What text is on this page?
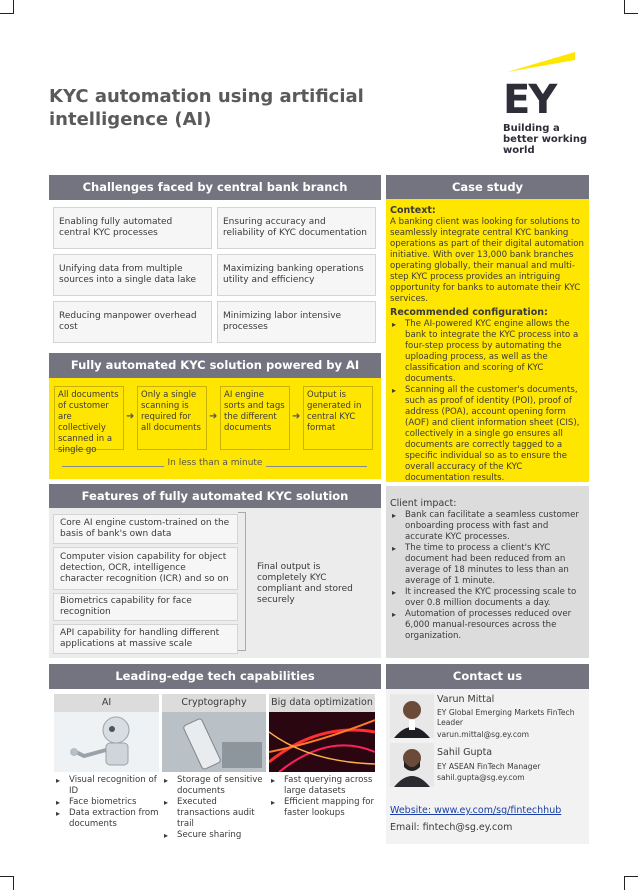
KYC automation using artificial intelligence (AI)	EY
Building a better working world
Challenges faced by central bank branch
Enabling fully automated central KYC processes
Ensuring accuracy and reliability of KYC documentation
Unifying data from multiple sources into a single data lake
Maximizing banking operations utility and efficiency
Reducing manpower overhead cost
Minimizing labor intensive processes
Case study
Context:

A banking client was looking for solutions to seamlessly integrate central KYC banking operations as part of their digital automation initiative. With over 13,000 bank branches operating globally, their manual and multi-step KYC process provides an intriguing opportunity for banks to automate their KYC services.

Recommended configuration:
▸ The AI-powered KYC engine allows the bank to integrate the KYC process into a four-step process by automating the uploading process, as well as the classification and scoring of KYC documents.
▸ Scanning all the customer's documents, such as proof of identity (POI), proof of address (POA), account opening form (AOF) and client information sheet (CIS), collectively in a single go ensures all documents are correctly tagged to a specific individual so as to ensure the overall accuracy of the KYC documentation results.
Fully automated KYC solution powered by AI
All documents of customer are collectively scanned in a single go
➜
Only a single scanning is required for all documents
➜
AI engine sorts and tags the different documents
➜
Output is generated in central KYC format
In less than a minute
Features of fully automated KYC solution
Core AI engine custom-trained on the basis of bank's own data
Computer vision capability for object detection, OCR, intelligence character recognition (ICR) and so on
Biometrics capability for face recognition
API capability for handling different applications at massive scale
Final output is completely KYC compliant and stored securely
Client impact:
▸ Bank can facilitate a seamless customer onboarding process with fast and accurate KYC processes.
▸ The time to process a client's KYC document had been reduced from an average of 18 minutes to less than an average of 1 minute.
▸ It increased the KYC processing scale to over 0.8 million documents a day.
▸ Automation of processes reduced over 6,000 manual-resources across the organization.
Leading-edge tech capabilities
AI	Cryptography	Big data optimization
▸ Visual recognition of ID
▸ Face biometrics
▸ Data extraction from documents
▸ Storage of sensitive documents
▸ Executed transactions audit trail
▸ Secure sharing
▸ Fast querying across large datasets
▸ Efficient mapping for faster lookups
Contact us
Varun Mittal
EY Global Emerging Markets FinTech Leader
varun.mittal@sg.ey.com
Sahil Gupta
EY ASEAN FinTech Manager
sahil.gupta@sg.ey.com
Website: www.ey.com/sg/fintechhub
Email: fintech@sg.ey.com
